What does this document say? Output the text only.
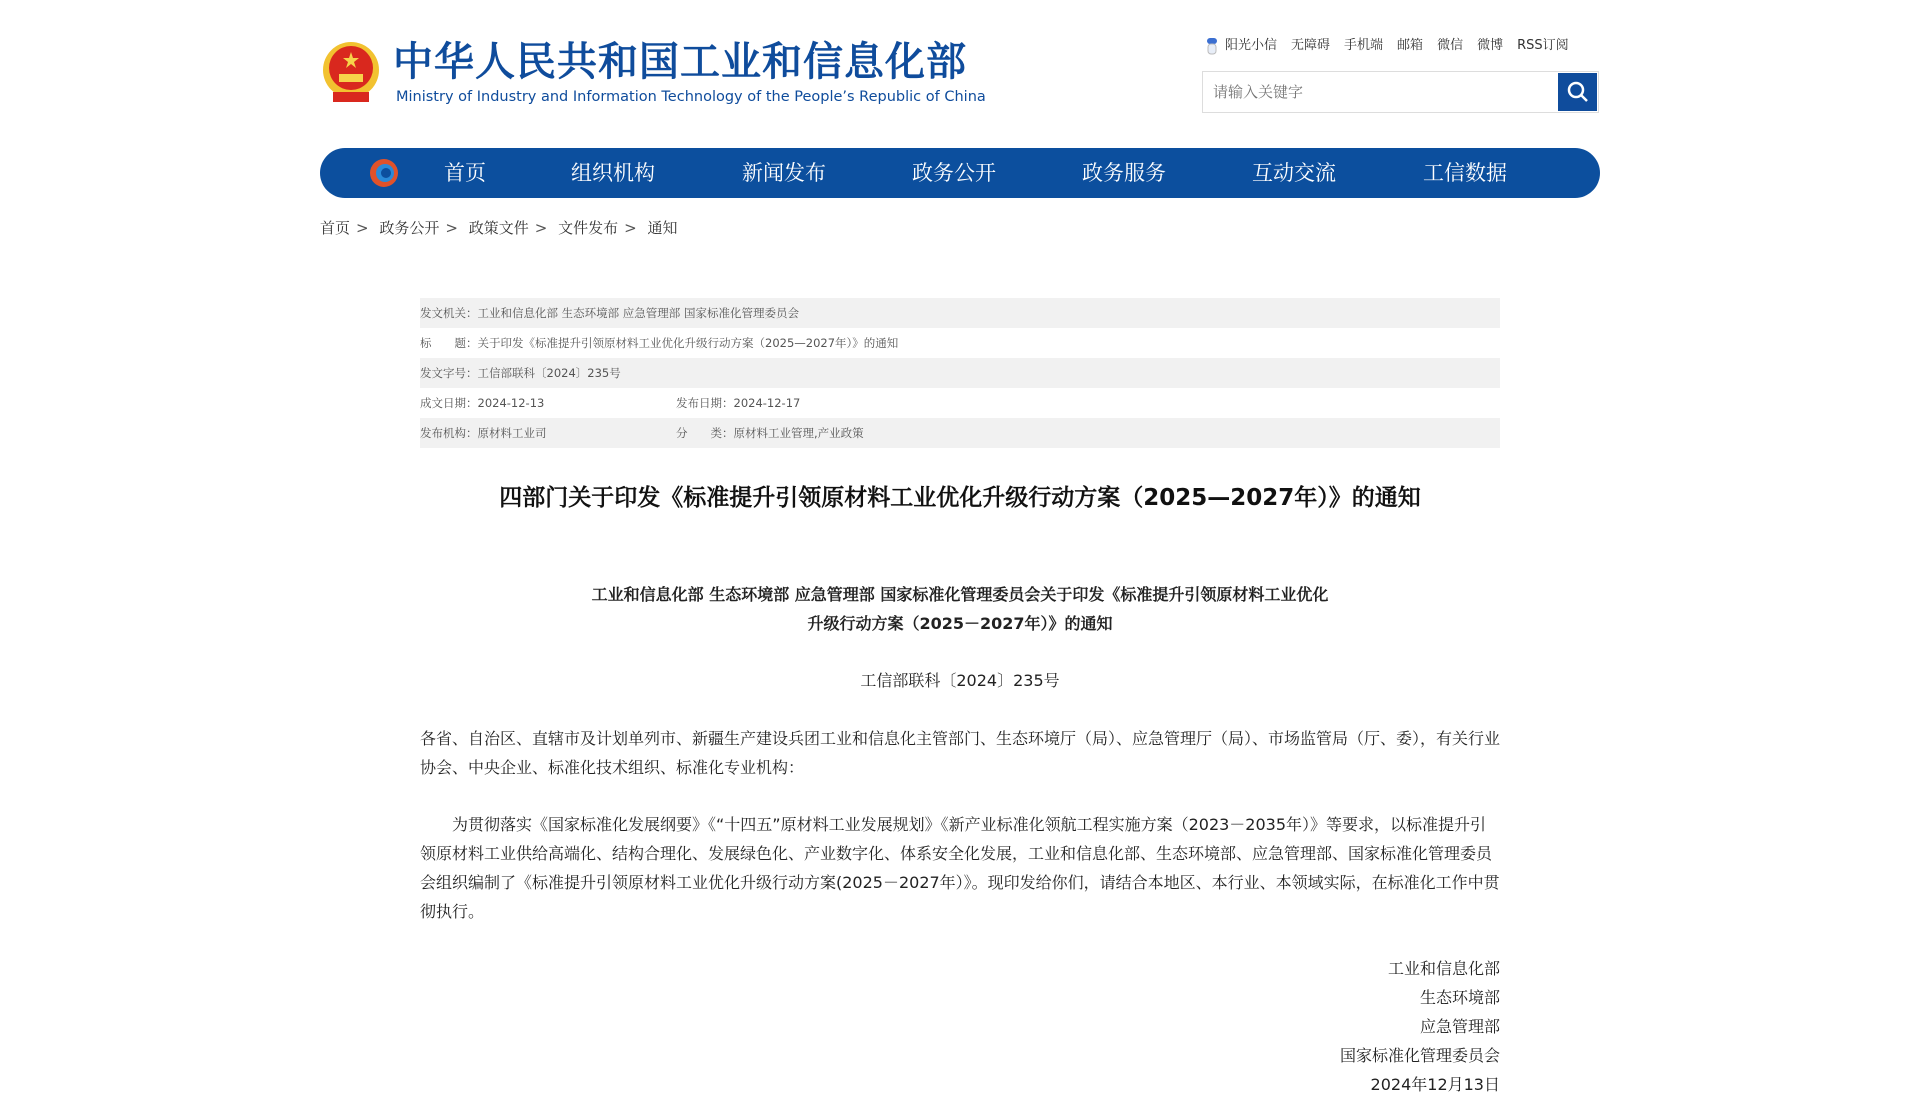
中华人民共和国工业和信息化部
Ministry of Industry and Information Technology of the People’s Republic of China
阳光小信 无障碍 手机端 邮箱 微信 微博 RSS订阅
请输入关键字
首页	组织机构	新闻发布	政务公开	政务服务	互动交流	工信数据
首页 > 政务公开 > 政策文件 > 文件发布 > 通知
发文机关：工业和信息化部 生态环境部 应急管理部 国家标准化管理委员会
标　　题：关于印发《标准提升引领原材料工业优化升级行动方案（2025—2027年）》的通知
发文字号：工信部联科〔2024〕235号
成文日期：2024-12-13	发布日期：2024-12-17
发布机构：原材料工业司	分　　类：原材料工业管理,产业政策
四部门关于印发《标准提升引领原材料工业优化升级行动方案（2025—2027年）》的通知
工业和信息化部 生态环境部 应急管理部 国家标准化管理委员会关于印发《标准提升引领原材料工业优化
升级行动方案（2025－2027年）》的通知
工信部联科〔2024〕235号
各省、自治区、直辖市及计划单列市、新疆生产建设兵团工业和信息化主管部门、生态环境厅（局）、应急管理厅（局）、市场监管局（厅、委），有关行业协会、中央企业、标准化技术组织、标准化专业机构：
为贯彻落实《国家标准化发展纲要》《“十四五”原材料工业发展规划》《新产业标准化领航工程实施方案（2023－2035年）》等要求，以标准提升引领原材料工业供给高端化、结构合理化、发展绿色化、产业数字化、体系安全化发展，工业和信息化部、生态环境部、应急管理部、国家标准化管理委员会组织编制了《标准提升引领原材料工业优化升级行动方案(2025－2027年）》。现印发给你们，请结合本地区、本行业、本领域实际，在标准化工作中贯彻执行。
工业和信息化部
生态环境部
应急管理部
国家标准化管理委员会
2024年12月13日
